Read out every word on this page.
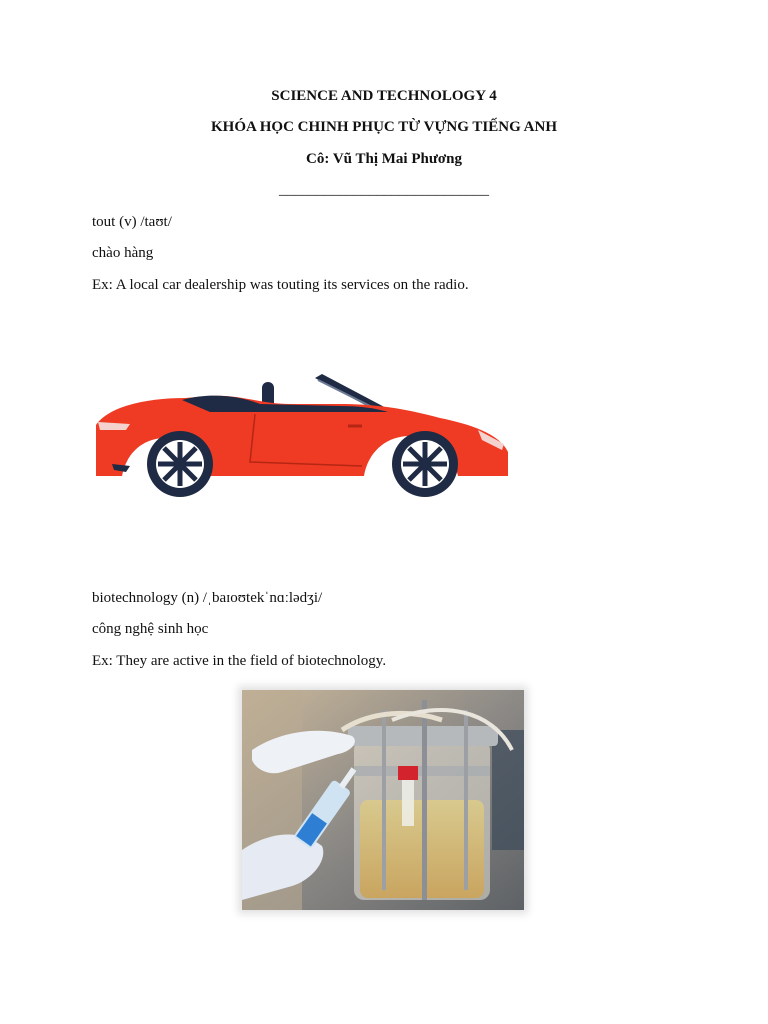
SCIENCE AND TECHNOLOGY 4
KHÓA HỌC CHINH PHỤC TỪ VỰNG TIẾNG ANH
Cô: Vũ Thị Mai Phương
____________________________
tout (v) /taʊt/
chào hàng
Ex: A local car dealership was touting its services on the radio.
biotechnology (n) /ˌbaɪoʊtekˈnɑːlədʒi/
công nghệ sinh học
Ex: They are active in the field of biotechnology.
